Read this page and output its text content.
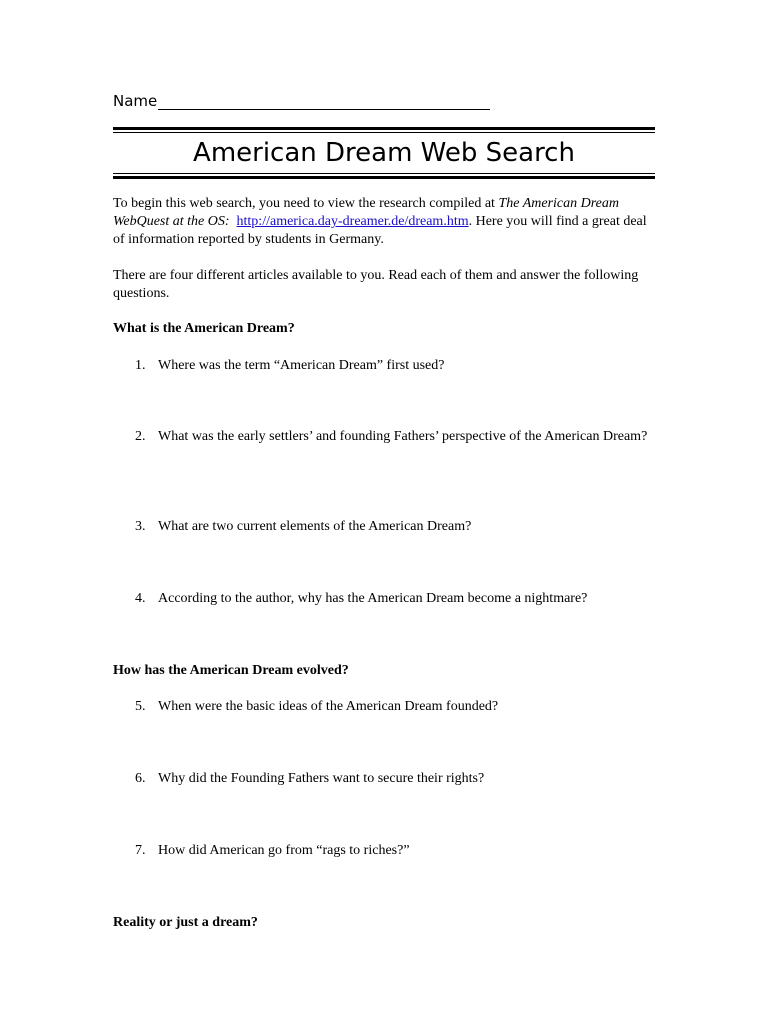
Name
American Dream Web Search

To begin this web search, you need to view the research compiled at The American Dream WebQuest at the OS: http://america.day-dreamer.de/dream.htm. Here you will find a great deal of information reported by students in Germany.

There are four different articles available to you. Read each of them and answer the following questions.

What is the American Dream?
1. Where was the term “American Dream” first used?
2. What was the early settlers’ and founding Fathers’ perspective of the American Dream?
3. What are two current elements of the American Dream?
4. According to the author, why has the American Dream become a nightmare?
How has the American Dream evolved?
5. When were the basic ideas of the American Dream founded?
6. Why did the Founding Fathers want to secure their rights?
7. How did American go from “rags to riches?”
Reality or just a dream?
